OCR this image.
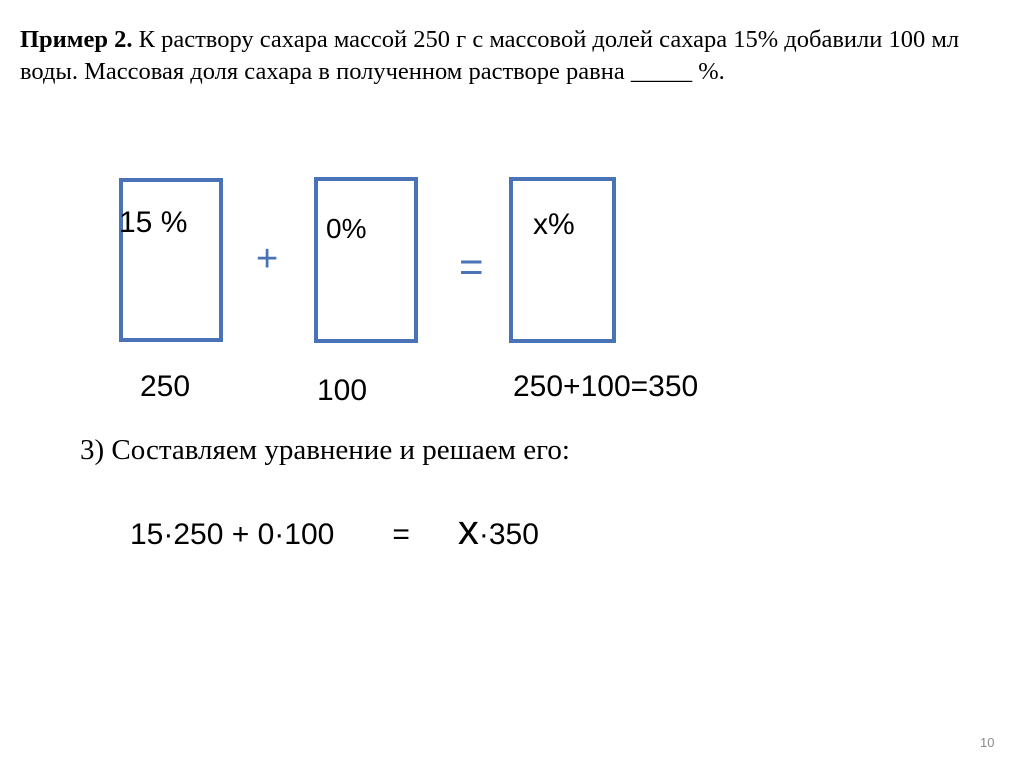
Пример 2. К раствору сахара массой 250 г с массовой долей сахара 15% добавили 100 мл воды. Массовая доля сахара в полученном растворе равна _____ %.

15 %	0%	х%
+	=
250	100	250+100=350
3) Составляем уравнение и решаем его:
15·250 + 0·100 = х·350
10
